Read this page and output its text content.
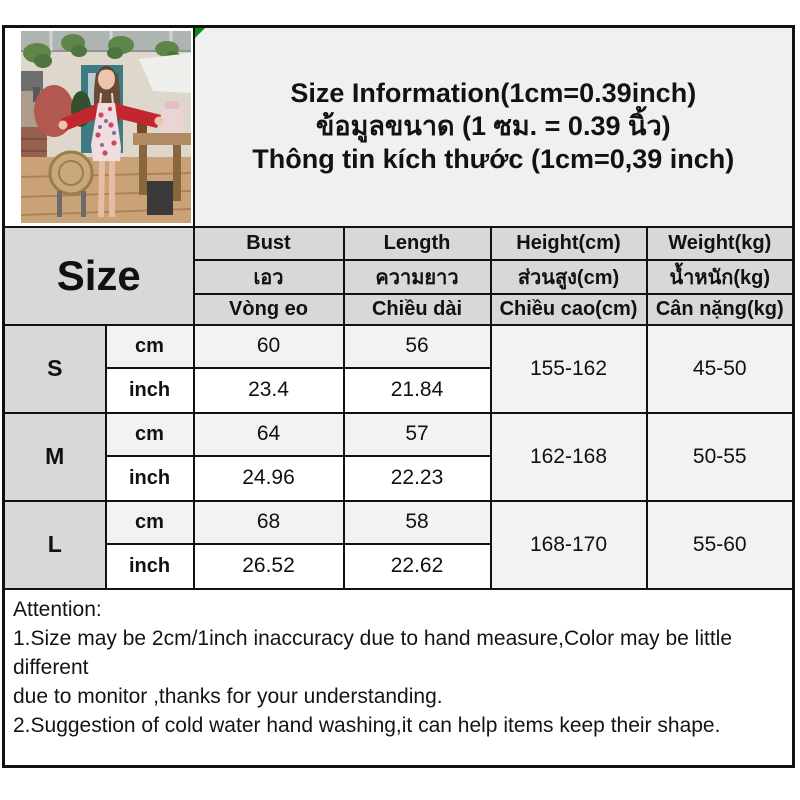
Size Information(1cm=0.39inch)
ข้อมูลขนาด (1 ซม. = 0.39 นิ้ว)
Thông tin kích thước (1cm=0,39 inch)			

Size		Bust	Length	Height(cm)	Weight(kg)
		เอว	ความยาว	ส่วนสูง(cm)	น้ำหนัก(kg)
		Vòng eo	Chiều dài	Chiều cao(cm)	Cân nặng(kg)
S	cm	60	56	155-162	45-50
	inch	23.4	21.84		
M	cm	64	57	162-168	50-55
	inch	24.96	22.23		
L	cm	68	58	168-170	55-60
	inch	26.52	22.62		

Attention:
1.Size may be 2cm/1inch inaccuracy due to hand measure,Color may be little different
due to monitor ,thanks for your understanding.
2.Suggestion of cold water hand washing,it can help items keep their shape.					
